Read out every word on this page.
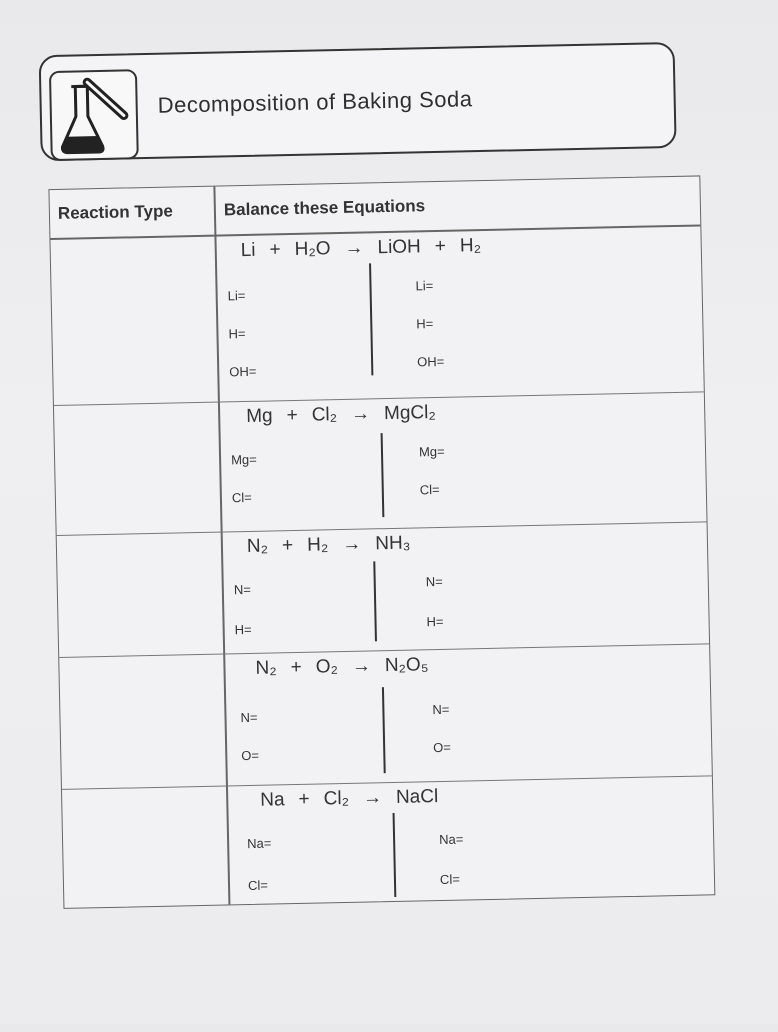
Decomposition of Baking Soda
Reaction Type	Balance these Equations
Li + H₂O → LiOH + H₂
Li=
H=
OH=
Li=
H=
OH=
Mg + Cl₂ → MgCl₂
Mg=
Cl=
Mg=
Cl=
N₂ + H₂ → NH₃
N=
H=
N=
H=
N₂ + O₂ → N₂O₅
N=
O=
N=
O=
Na + Cl₂ → NaCl
Na=
Cl=
Na=
Cl=
